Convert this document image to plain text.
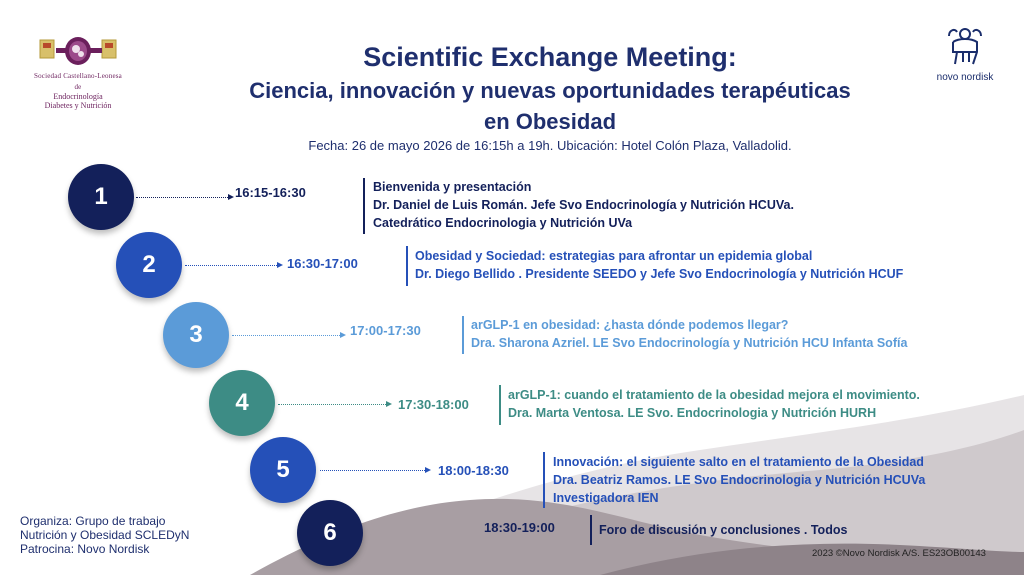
Sociedad Castellano-Leonesa
de
Endocrinología
Diabetes y Nutrición
novo nordisk
Scientific Exchange Meeting:
Ciencia, innovación y nuevas oportunidades terapéuticas
en Obesidad
Fecha: 26 de mayo 2026 de 16:15h a 19h. Ubicación: Hotel Colón Plaza, Valladolid.
1	16:15-16:30	Bienvenida y presentación
Dr. Daniel de Luis Román. Jefe Svo Endocrinología y Nutrición HCUVa.
Catedrático Endocrinologia y Nutrición UVa
2	16:30-17:00	Obesidad y Sociedad: estrategias para afrontar un epidemia global
Dr. Diego Bellido . Presidente SEEDO y Jefe Svo Endocrinología y Nutrición HCUF
3	17:00-17:30	arGLP-1 en obesidad: ¿hasta dónde podemos llegar?
Dra. Sharona Azriel. LE Svo Endocrinología y Nutrición HCU Infanta Sofía
4	17:30-18:00
arGLP-1: cuando el tratamiento de la obesidad mejora el movimiento.
Dra. Marta Ventosa. LE Svo. Endocrinologia y Nutrición HURH
5	18:00-18:30
Innovación: el siguiente salto en el tratamiento de la Obesidad
Dra. Beatriz Ramos. LE Svo Endocrinologia y Nutrición HCUVa
Investigadora IEN
6	18:30-19:00	Foro de discusión y conclusiones . Todos
Organiza: Grupo de trabajo
Nutrición y Obesidad SCLEDyN
Patrocina: Novo Nordisk	2023 ©Novo Nordisk A/S. ES23OB00143
